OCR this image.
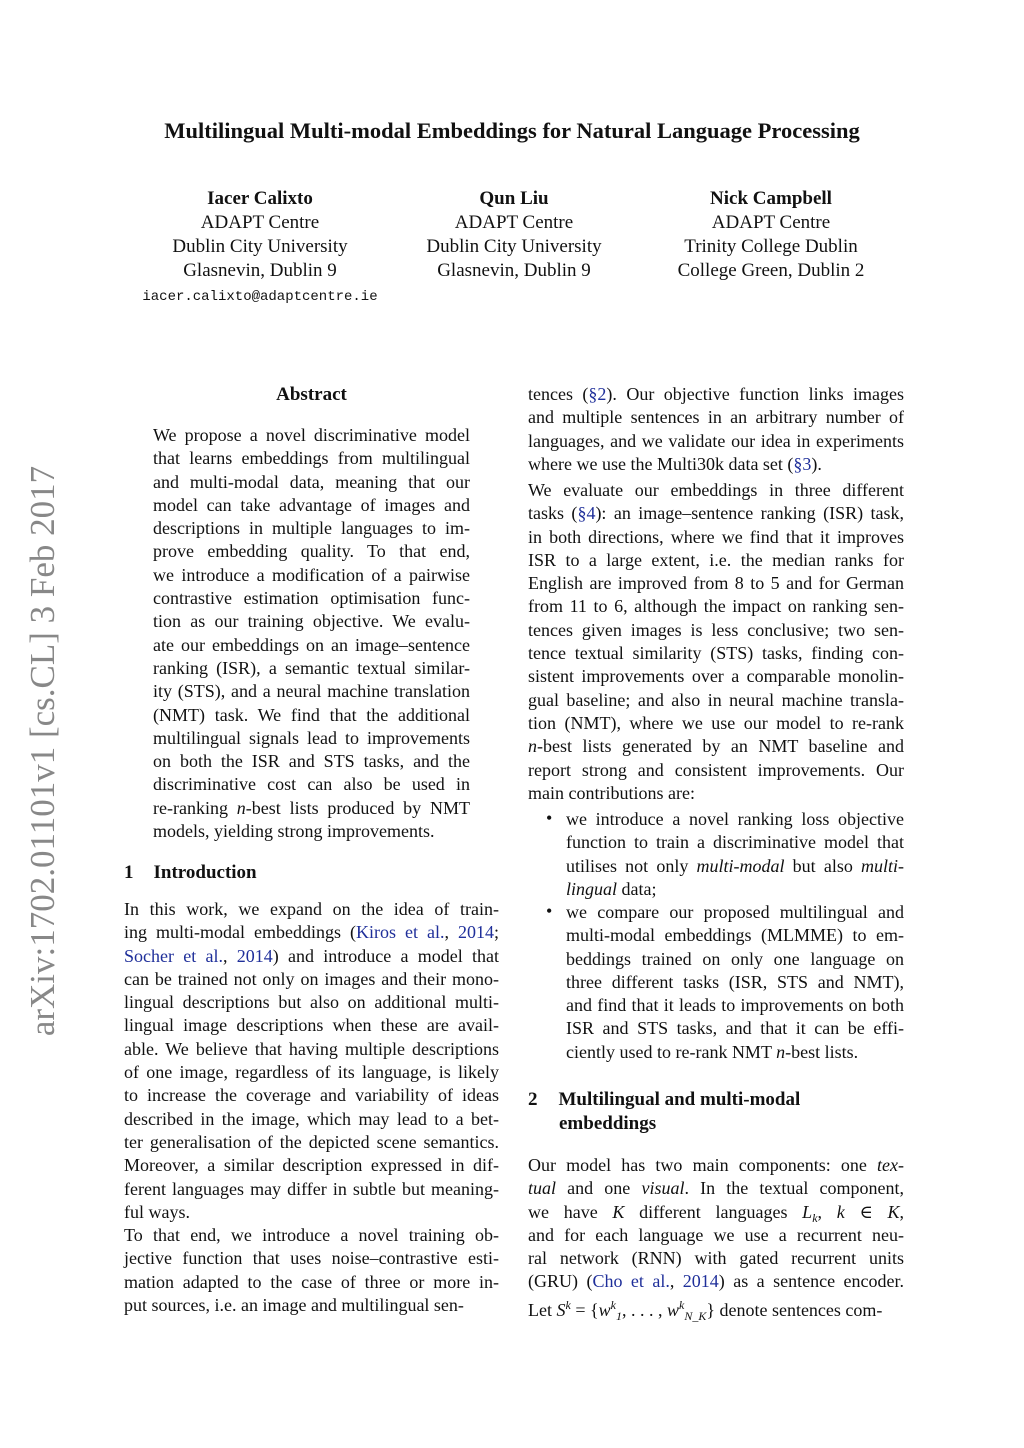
Multilingual Multi-modal Embeddings for Natural Language Processing
Iacer Calixto
ADAPT Centre
Dublin City University
Glasnevin, Dublin 9
Qun Liu
ADAPT Centre
Dublin City University
Glasnevin, Dublin 9
Nick Campbell
ADAPT Centre
Trinity College Dublin
College Green, Dublin 2
iacer.calixto@adaptcentre.ie
arXiv:1702.01101v1 [cs.CL] 3 Feb 2017
Abstract
We propose a novel discriminative model
that learns embeddings from multilingual
and multi-modal data, meaning that our
model can take advantage of images and
descriptions in multiple languages to im-
prove embedding quality. To that end,
we introduce a modification of a pairwise
contrastive estimation optimisation func-
tion as our training objective. We evalu-
ate our embeddings on an image–sentence
ranking (ISR), a semantic textual similar-
ity (STS), and a neural machine translation
(NMT) task. We find that the additional
multilingual signals lead to improvements
on both the ISR and STS tasks, and the
discriminative cost can also be used in
re-ranking n-best lists produced by NMT
models, yielding strong improvements.
1 Introduction
In this work, we expand on the idea of train-
ing multi-modal embeddings (Kiros et al., 2014;
Socher et al., 2014) and introduce a model that
can be trained not only on images and their mono-
lingual descriptions but also on additional multi-
lingual image descriptions when these are avail-
able. We believe that having multiple descriptions
of one image, regardless of its language, is likely
to increase the coverage and variability of ideas
described in the image, which may lead to a bet-
ter generalisation of the depicted scene semantics.
Moreover, a similar description expressed in dif-
ferent languages may differ in subtle but meaning-
ful ways.
To that end, we introduce a novel training ob-
jective function that uses noise–contrastive esti-
mation adapted to the case of three or more in-
put sources, i.e. an image and multilingual sen-
tences (§2). Our objective function links images
and multiple sentences in an arbitrary number of
languages, and we validate our idea in experiments
where we use the Multi30k data set (§3).
We evaluate our embeddings in three different
tasks (§4): an image–sentence ranking (ISR) task,
in both directions, where we find that it improves
ISR to a large extent, i.e. the median ranks for
English are improved from 8 to 5 and for German
from 11 to 6, although the impact on ranking sen-
tences given images is less conclusive; two sen-
tence textual similarity (STS) tasks, finding con-
sistent improvements over a comparable monolin-
gual baseline; and also in neural machine transla-
tion (NMT), where we use our model to re-rank
n-best lists generated by an NMT baseline and
report strong and consistent improvements. Our
main contributions are:
• we introduce a novel ranking loss objective
function to train a discriminative model that
utilises not only multi-modal but also multi-
lingual data;
• we compare our proposed multilingual and
multi-modal embeddings (MLMME) to em-
beddings trained on only one language on
three different tasks (ISR, STS and NMT),
and find that it leads to improvements on both
ISR and STS tasks, and that it can be effi-
ciently used to re-rank NMT n-best lists.
2 Multilingual and multi-modal
embeddings
Our model has two main components: one tex-
tual and one visual. In the textual component,
we have K different languages $L_k$, k ∈ K,
and for each language we use a recurrent neu-
ral network (RNN) with gated recurrent units
(GRU) (Cho et al., 2014) as a sentence encoder.
Let $S^k = \{w^k_1$, . . . , $w^k_{N\_K}$} denote sentences com-
